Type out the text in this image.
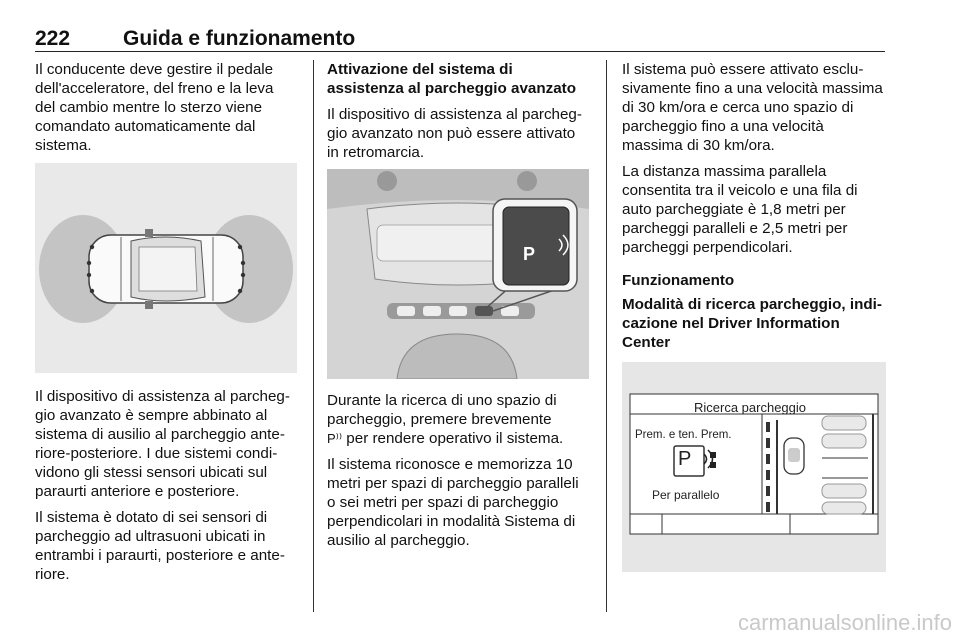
222	Guida e funzionamento

Il conducente deve gestire il pedale dell'acceleratore, del freno e la leva del cambio mentre lo sterzo viene comandato automaticamente dal sistema.

Il dispositivo di assistenza al parcheggio avanzato è sempre abbinato al sistema di ausilio al parcheggio anteriore-posteriore. I due sistemi condividono gli stessi sensori ubicati sul paraurti anteriore e posteriore.

Il sistema è dotato di sei sensori di parcheggio ad ultrasuoni ubicati in entrambi i paraurti, posteriore e anteriore.

Attivazione del sistema di assistenza al parcheggio avanzato

Il dispositivo di assistenza al parcheggio avanzato non può essere attivato in retromarcia.

P

Durante la ricerca di uno spazio di parcheggio, premere brevemente
P⁾⁾ per rendere operativo il sistema.

Il sistema riconosce e memorizza 10 metri per spazi di parcheggio paralleli o sei metri per spazi di parcheggio perpendicolari in modalità Sistema di ausilio al parcheggio.

Il sistema può essere attivato esclusivamente fino a una velocità massima di 30 km/ora e cerca uno spazio di parcheggio fino a una velocità massima di 30 km/ora.

La distanza massima parallela consentita tra il veicolo e una fila di auto parcheggiate è 1,8 metri per parcheggi paralleli e 2,5 metri per parcheggi perpendicolari.

Funzionamento

Modalità di ricerca parcheggio, indicazione nel Driver Information Center

Ricerca parcheggio
Prem. e ten. Prem.
P
Per parallelo
carmanualsonline.info
